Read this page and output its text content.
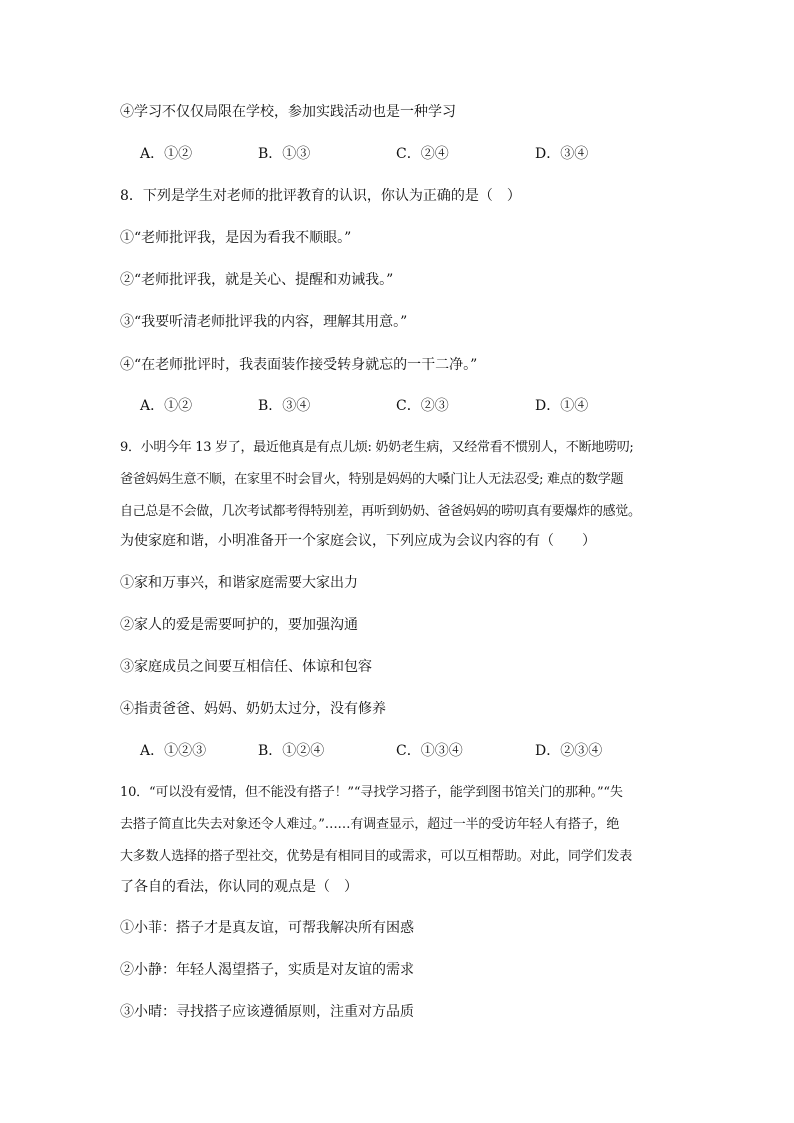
④学习不仅仅局限在学校，参加实践活动也是一种学习
A．①②	B．①③	C．②④	D．③④
8．下列是学生对老师的批评教育的认识，你认为正确的是（　）
①“老师批评我，是因为看我不顺眼。”
②“老师批评我，就是关心、提醒和劝诫我。”
③“我要听清老师批评我的内容，理解其用意。”
④“在老师批评时，我表面装作接受转身就忘的一干二净。”
A．①②	B．③④	C．②③	D．①④
9．小明今年 13 岁了，最近他真是有点儿烦: 奶奶老生病，又经常看不惯别人，不断地唠叨;
爸爸妈妈生意不顺，在家里不时会冒火，特别是妈妈的大嗓门让人无法忍受; 难点的数学题
自己总是不会做，几次考试都考得特别差，再听到奶奶、爸爸妈妈的唠叨真有要爆炸的感觉。
为使家庭和谐，小明准备开一个家庭会议，下列应成为会议内容的有（　　）
①家和万事兴，和谐家庭需要大家出力
②家人的爱是需要呵护的，要加强沟通
③家庭成员之间要互相信任、体谅和包容
④指责爸爸、妈妈、奶奶太过分，没有修养
A．①②③	B．①②④	C．①③④	D．②③④
10．“可以没有爱情，但不能没有搭子！”“寻找学习搭子，能学到图书馆关门的那种。”“失
去搭子简直比失去对象还令人难过。”……有调查显示，超过一半的受访年轻人有搭子，绝
大多数人选择的搭子型社交，优势是有相同目的或需求，可以互相帮助。对此，同学们发表
了各自的看法，你认同的观点是（　）
①小菲：搭子才是真友谊，可帮我解决所有困惑
②小静：年轻人渴望搭子，实质是对友谊的需求
③小晴：寻找搭子应该遵循原则，注重对方品质
